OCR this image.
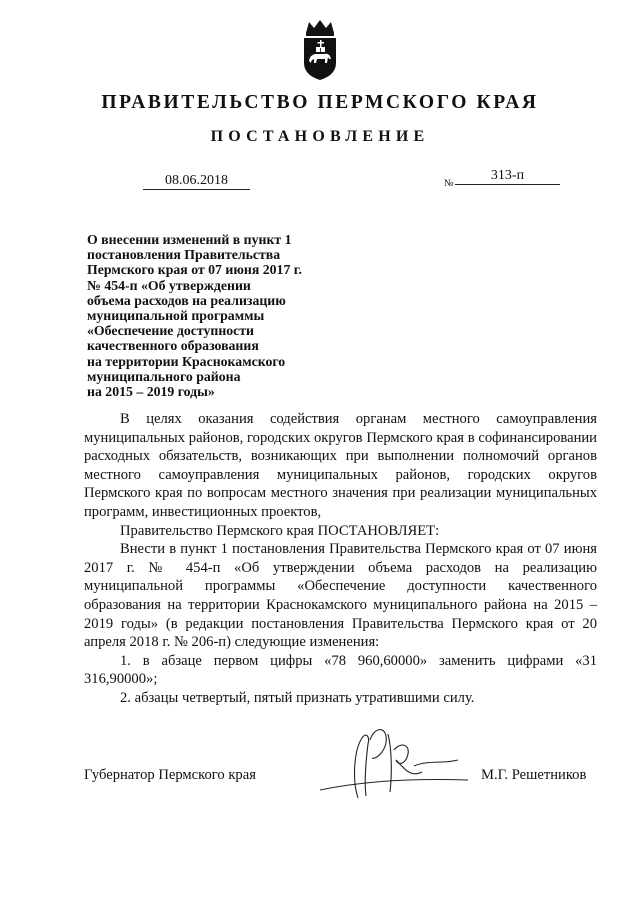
ПРАВИТЕЛЬСТВО ПЕРМСКОГО КРАЯ
ПОСТАНОВЛЕНИЕ
08.06.2018	№
313-п
О внесении изменений в пункт 1
постановления Правительства
Пермского края от 07 июня 2017 г.
№ 454-п «Об утверждении
объема расходов на реализацию
муниципальной программы
«Обеспечение доступности
качественного образования
на территории Краснокамского
муниципального района
на 2015 – 2019 годы»

В целях оказания содействия органам местного самоуправления муниципальных районов, городских округов Пермского края в софинансировании расходных обязательств, возникающих при выполнении полномочий органов местного самоуправления муниципальных районов, городских округов Пермского края по вопросам местного значения при реализации муниципальных программ, инвестиционных проектов,

Правительство Пермского края ПОСТАНОВЛЯЕТ:

Внести в пункт 1 постановления Правительства Пермского края от 07 июня 2017 г. № 454-п «Об утверждении объема расходов на реализацию муниципальной программы «Обеспечение доступности качественного образования на территории Краснокамского муниципального района на 2015 – 2019 годы» (в редакции постановления Правительства Пермского края от 20 апреля 2018 г. № 206-п) следующие изменения:

1. в абзаце первом цифры «78 960,60000» заменить цифрами «31 316,90000»;

2. абзацы четвертый, пятый признать утратившими силу.

Губернатор Пермского края	М.Г. Решетников
